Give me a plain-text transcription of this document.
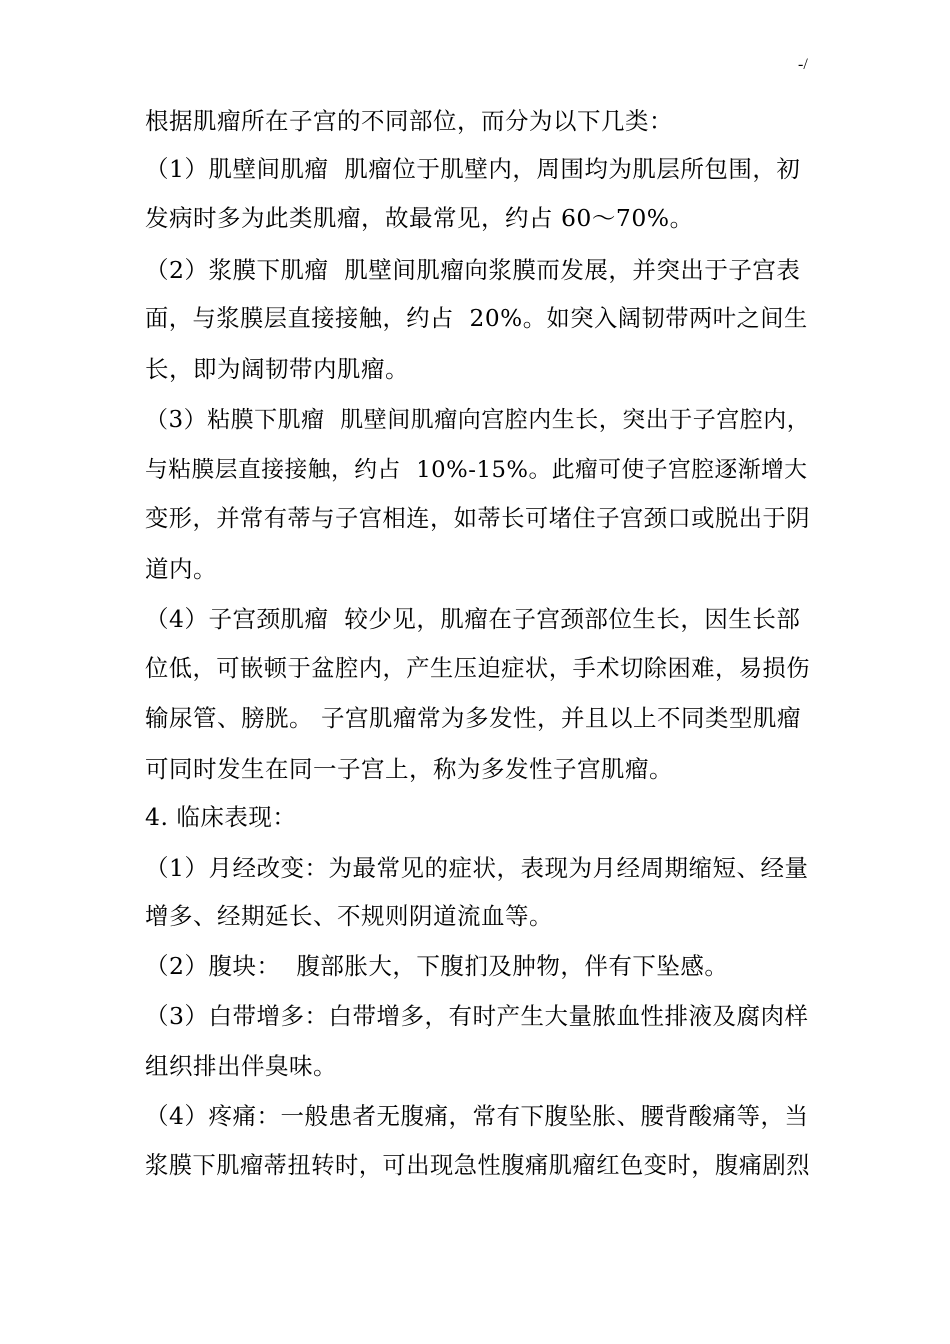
-/
根据肌瘤所在子宫的不同部位，而分为以下几类：
（1）肌壁间肌瘤  肌瘤位于肌壁内，周围均为肌层所包围，初
发病时多为此类肌瘤，故最常见，约占 60～70%。
（2）浆膜下肌瘤  肌壁间肌瘤向浆膜而发展，并突出于子宫表
面，与浆膜层直接接触，约占  20%。如突入阔韧带两叶之间生
长，即为阔韧带内肌瘤。
（3）粘膜下肌瘤  肌壁间肌瘤向宫腔内生长，突出于子宫腔内，
与粘膜层直接接触，约占  10%-15%。此瘤可使子宫腔逐渐增大
变形，并常有蒂与子宫相连，如蒂长可堵住子宫颈口或脱出于阴
道内。
（4）子宫颈肌瘤  较少见，肌瘤在子宫颈部位生长，因生长部
位低，可嵌顿于盆腔内，产生压迫症状，手术切除困难，易损伤
输尿管、膀胱。 子宫肌瘤常为多发性，并且以上不同类型肌瘤
可同时发生在同一子宫上，称为多发性子宫肌瘤。
4. 临床表现：
（1）月经改变：为最常见的症状，表现为月经周期缩短、经量
增多、经期延长、不规则阴道流血等。
（2）腹块：  腹部胀大，下腹扪及肿物，伴有下坠感。
（3）白带增多：白带增多，有时产生大量脓血性排液及腐肉样
组织排出伴臭味。
（4）疼痛：一般患者无腹痛，常有下腹坠胀、腰背酸痛等，当
浆膜下肌瘤蒂扭转时，可出现急性腹痛肌瘤红色变时，腹痛剧烈
